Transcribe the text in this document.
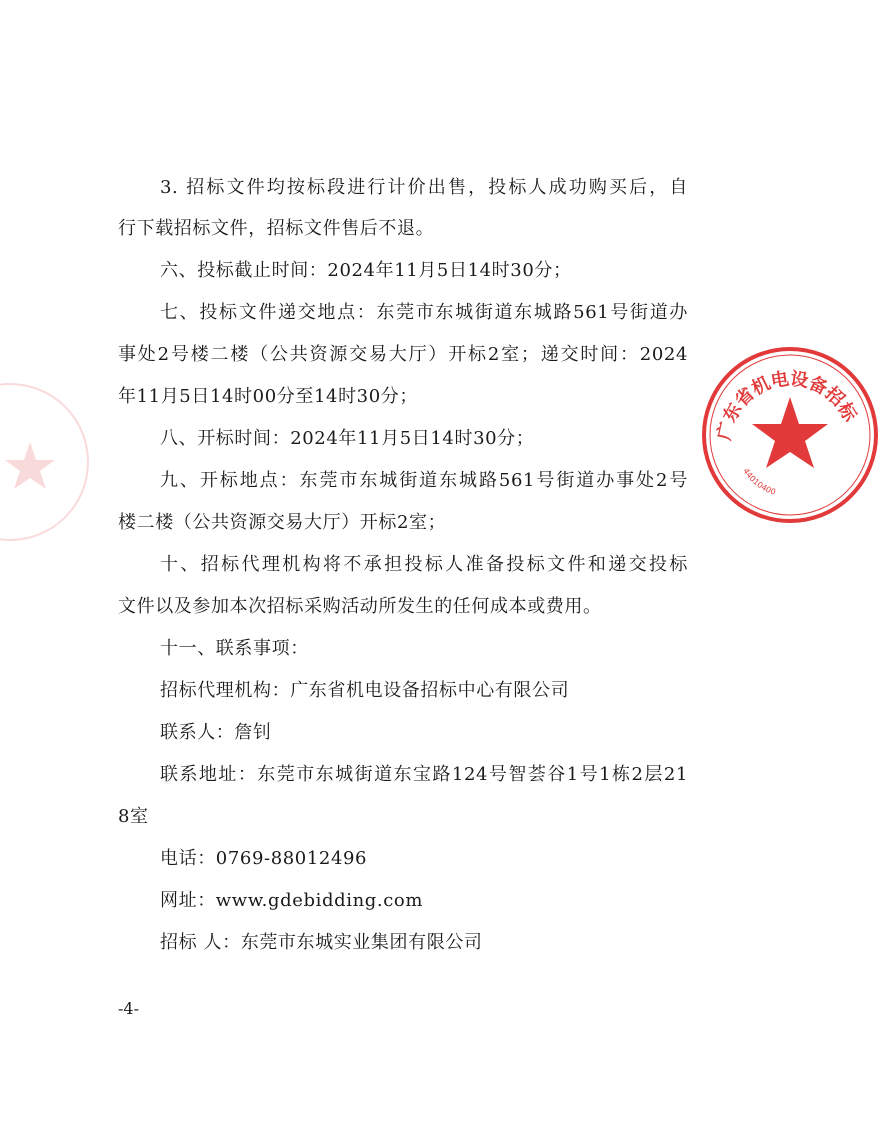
3. 招标文件均按标段进行计价出售，投标人成功购买后，自
行下载招标文件，招标文件售后不退。
六、投标截止时间：2024年11月5日14时30分；
七、投标文件递交地点：东莞市东城街道东城路561号街道办
事处2号楼二楼（公共资源交易大厅）开标2室；递交时间：2024
年11月5日14时00分至14时30分；
八、开标时间：2024年11月5日14时30分；
九、开标地点：东莞市东城街道东城路561号街道办事处2号
楼二楼（公共资源交易大厅）开标2室；
十、招标代理机构将不承担投标人准备投标文件和递交投标
文件以及参加本次招标采购活动所发生的任何成本或费用。
十一、联系事项：
招标代理机构：广东省机电设备招标中心有限公司
联系人：詹钊
联系地址：东莞市东城街道东宝路124号智荟谷1号1栋2层21
8室
电话：0769-88012496
网址：www.gdebidding.com
招标 人：东莞市东城实业集团有限公司
-4-
广东省机电设备招标
44010400
